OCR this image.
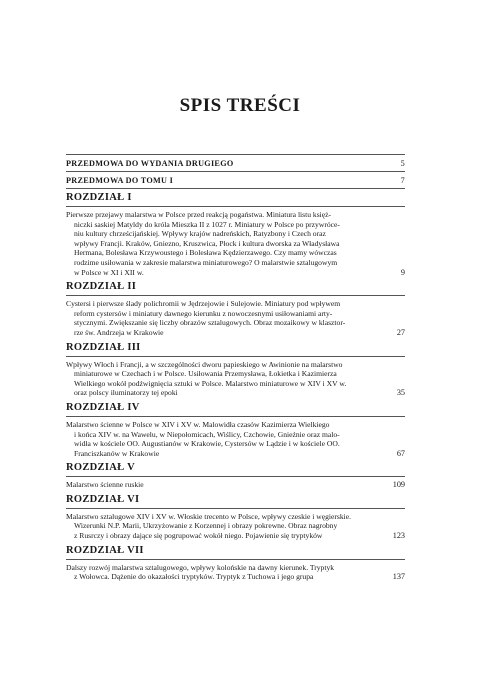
SPIS TREŚCI
PRZEDMOWA DO WYDANIA DRUGIEGO	5
PRZEDMOWA DO TOMU I	7
ROZDZIAŁ I
Pierwsze przejawy malarstwa w Polsce przed reakcją pogaństwa. Miniatura listu księż-
niczki saskiej Matyldy do króla Mieszka II z 1027 r. Miniatury w Polsce po przywróce-
niu kultury chrześcijańskiej. Wpływy krajów nadreńskich, Ratyzbony i Czech oraz
wpływy Francji. Kraków, Gniezno, Kruszwica, Płock i kultura dworska za Władysława
Hermana, Bolesława Krzywoustego i Bolesława Kędzierzawego. Czy mamy wówczas
rodzime usiłowania w zakresie malarstwa miniaturowego? O malarstwie sztalugowym
w Polsce w XI i XII w.	9
ROZDZIAŁ II
Cystersi i pierwsze ślady polichromii w Jędrzejowie i Sulejowie. Miniatury pod wpływem
reform cystersów i miniatury dawnego kierunku z nowoczesnymi usiłowaniami arty-
stycznymi. Zwiększanie się liczby obrazów sztalugowych. Obraz mozaikowy w klasztor-
rze św. Andrzeja w Krakowie	27
ROZDZIAŁ III
Wpływy Włoch i Francji, a w szczególności dworu papieskiego w Awinionie na malarstwo
miniaturowe w Czechach i w Polsce. Usiłowania Przemysława, Łokietka i Kazimierza
Wielkiego wokół podźwignięcia sztuki w Polsce. Malarstwo miniaturowe w XIV i XV w.
oraz polscy iluminatorzy tej epoki	35
ROZDZIAŁ IV
Malarstwo ścienne w Polsce w XIV i XV w. Malowidła czasów Kazimierza Wielkiego
i końca XIV w. na Wawelu, w Niepołomicach, Wiślicy, Czchowie, Gnieźnie oraz malo-
widła w kościele OO. Augustianów w Krakowie, Cystersów w Lądzie i w kościele OO.
Franciszkanów w Krakowie	67
ROZDZIAŁ V
Malarstwo ścienne ruskie	109
ROZDZIAŁ VI
Malarstwo sztalugowe XIV i XV w. Włoskie trecento w Polsce, wpływy czeskie i węgierskie.
Wizerunki N.P. Marii, Ukrzyżowanie z Korzennej i obrazy pokrewne. Obraz nagrobny
z Rusrczy i obrazy dające się pogrupować wokół niego. Pojawienie się tryptyków	123
ROZDZIAŁ VII
Dalszy rozwój malarstwa sztalugowego, wpływy kolońskie na dawny kierunek. Tryptyk
z Wołowca. Dążenie do okazałości tryptyków. Tryptyk z Tuchowa i jego grupa	137
